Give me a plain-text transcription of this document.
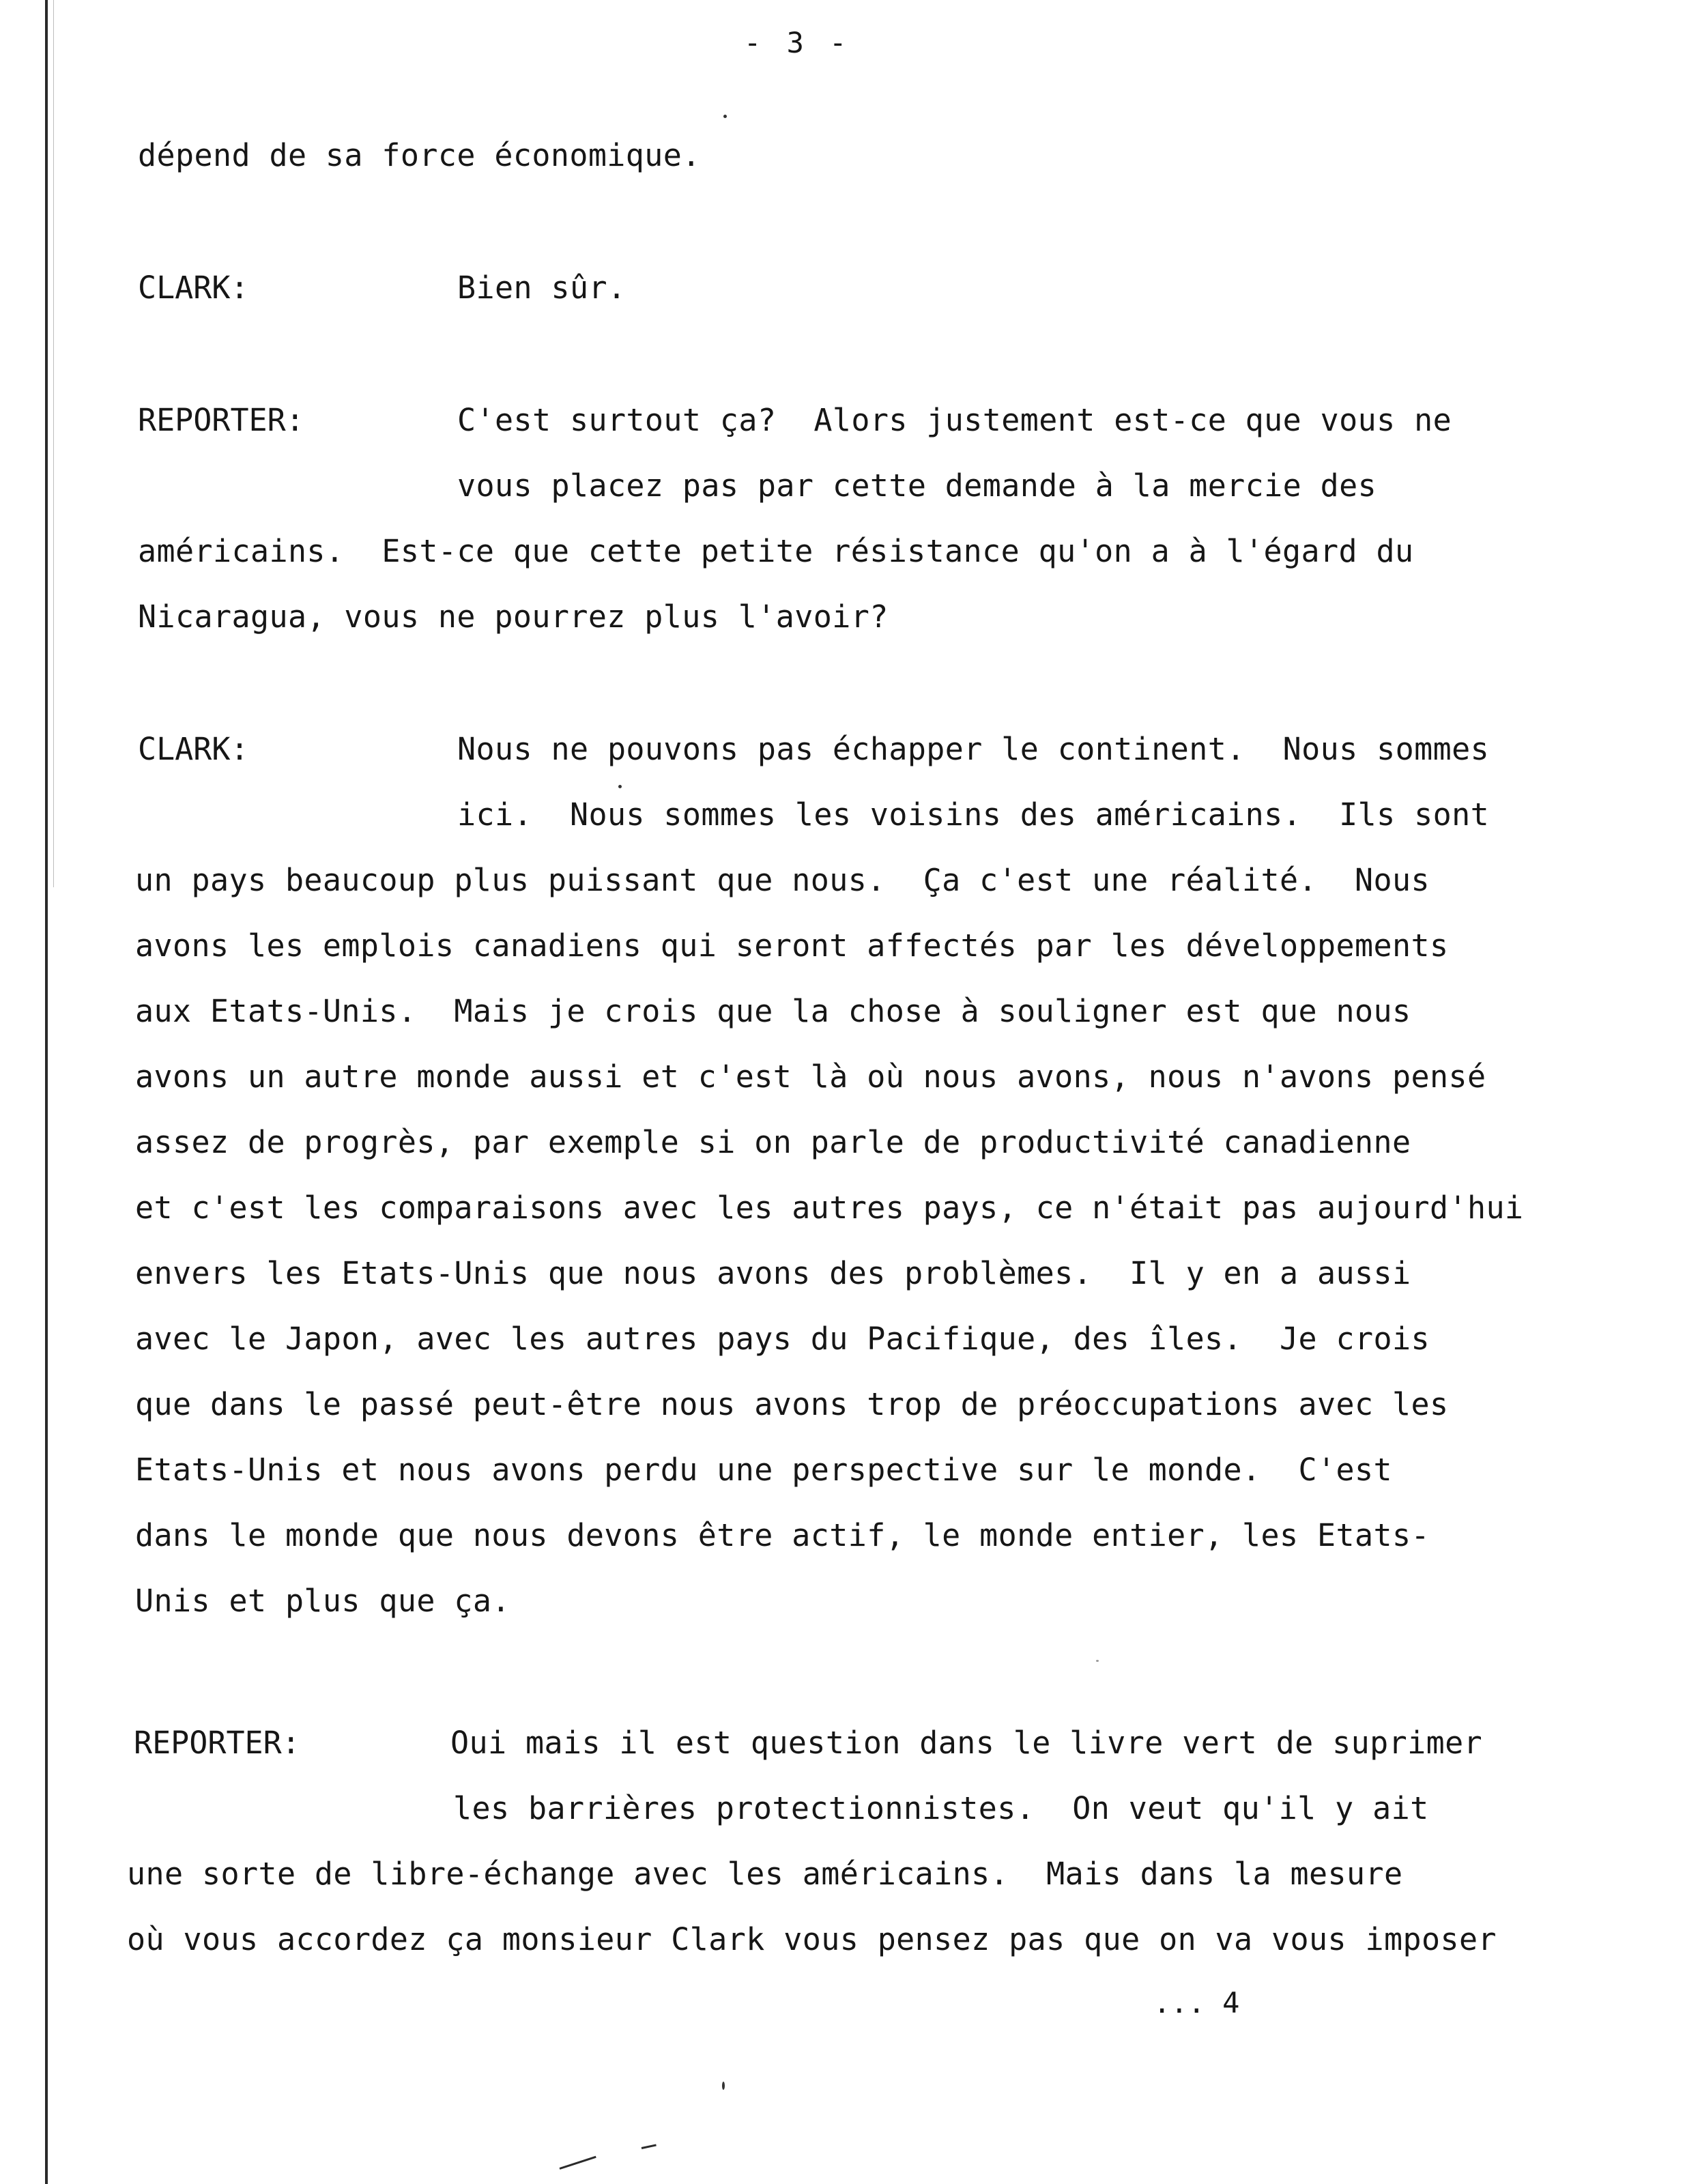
- 3 -
dépend de sa force économique.
CLARK:	Bien sûr.
REPORTER:	C'est surtout ça?  Alors justement est-ce que vous ne
vous placez pas par cette demande à la mercie des
américains.  Est-ce que cette petite résistance qu'on a à l'égard du
Nicaragua, vous ne pourrez plus l'avoir?
CLARK:	Nous ne pouvons pas échapper le continent.  Nous sommes
ici.  Nous sommes les voisins des américains.  Ils sont
un pays beaucoup plus puissant que nous.  Ça c'est une réalité.  Nous
avons les emplois canadiens qui seront affectés par les développements
aux Etats-Unis.  Mais je crois que la chose à souligner est que nous
avons un autre monde aussi et c'est là où nous avons, nous n'avons pensé
assez de progrès, par exemple si on parle de productivité canadienne
et c'est les comparaisons avec les autres pays, ce n'était pas aujourd'hui
envers les Etats-Unis que nous avons des problèmes.  Il y en a aussi
avec le Japon, avec les autres pays du Pacifique, des îles.  Je crois
que dans le passé peut-être nous avons trop de préoccupations avec les
Etats-Unis et nous avons perdu une perspective sur le monde.  C'est
dans le monde que nous devons être actif, le monde entier, les Etats-
Unis et plus que ça.
REPORTER:	Oui mais il est question dans le livre vert de suprimer
les barrières protectionnistes.  On veut qu'il y ait
une sorte de libre-échange avec les américains.  Mais dans la mesure
où vous accordez ça monsieur Clark vous pensez pas que on va vous imposer
... 4
